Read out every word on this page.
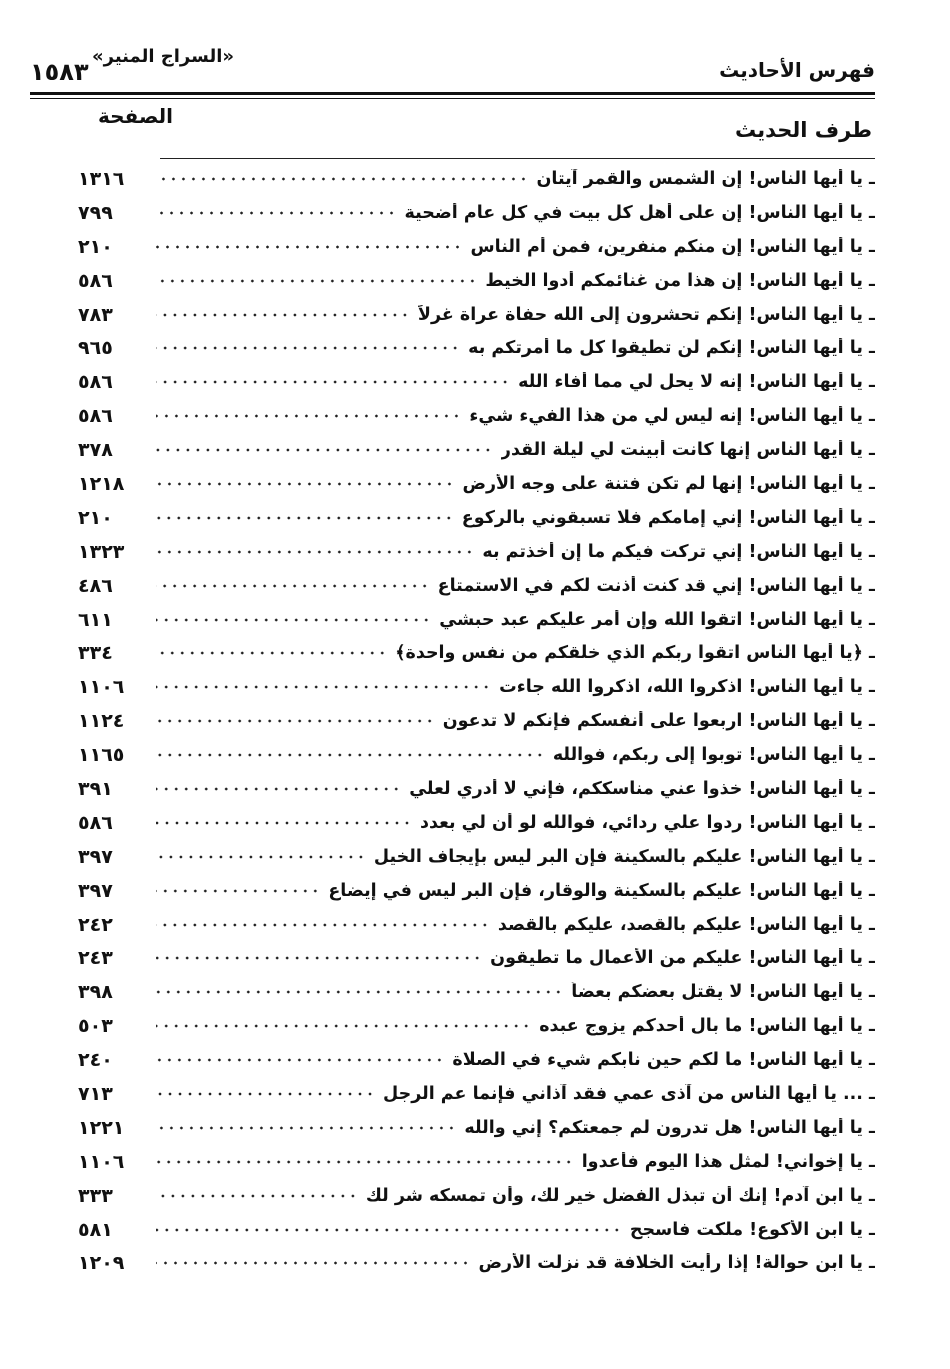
فهرس الأحاديث
«السراج المنير»
١٥٨٣
طرف الحديث
الصفحة
ـ يا أيها الناس! إن الشمس والقمر آيتان
١٣١٦
ـ يا أيها الناس! إن على أهل كل بيت في كل عام أضحية
٧٩٩
ـ يا أيها الناس! إن منكم منفرين، فمن أم الناس
٢١٠
ـ يا أيها الناس! إن هذا من غنائمكم أدوا الخيط
٥٨٦
ـ يا أيها الناس! إنكم تحشرون إلى الله حفاة عراة غرلاً
٧٨٣
ـ يا أيها الناس! إنكم لن تطيقوا كل ما أمرتكم به
٩٦٥
ـ يا أيها الناس! إنه لا يحل لي مما أفاء الله
٥٨٦
ـ يا أيها الناس! إنه ليس لي من هذا الفيء شيء
٥٨٦
ـ يا أيها الناس إنها كانت أبينت لي ليلة القدر
٣٧٨
ـ يا أيها الناس! إنها لم تكن فتنة على وجه الأرض
١٢١٨
ـ يا أيها الناس! إني إمامكم فلا تسبقوني بالركوع
٢١٠
ـ يا أيها الناس! إني تركت فيكم ما إن أخذتم به
١٣٢٣
ـ يا أيها الناس! إني قد كنت أذنت لكم في الاستمتاع
٤٨٦
ـ يا أيها الناس! اتقوا الله وإن أمر عليكم عبد حبشي
٦١١
ـ ﴿يا أيها الناس اتقوا ربكم الذي خلقكم من نفس واحدة﴾
٣٣٤
ـ يا أيها الناس! اذكروا الله، اذكروا الله جاءت
١١٠٦
ـ يا أيها الناس! اربعوا على أنفسكم فإنكم لا تدعون
١١٢٤
ـ يا أيها الناس! توبوا إلى ربكم، فوالله
١١٦٥
ـ يا أيها الناس! خذوا عني مناسككم، فإني لا أدري لعلي
٣٩١
ـ يا أيها الناس! ردوا علي ردائي، فوالله لو أن لي بعدد
٥٨٦
ـ يا أيها الناس! عليكم بالسكينة فإن البر ليس بإيجاف الخيل
٣٩٧
ـ يا أيها الناس! عليكم بالسكينة والوقار، فإن البر ليس في إيضاع
٣٩٧
ـ يا أيها الناس! عليكم بالقصد، عليكم بالقصد
٢٤٢
ـ يا أيها الناس! عليكم من الأعمال ما تطيقون
٢٤٣
ـ يا أيها الناس! لا يقتل بعضكم بعضاً
٣٩٨
ـ يا أيها الناس! ما بال أحدكم يزوج عبده
٥٠٣
ـ يا أيها الناس! ما لكم حين نابكم شيء في الصلاة
٢٤٠
ـ ... يا أيها الناس من آذى عمي فقد آذاني فإنما عم الرجل
٧١٣
ـ يا أيها الناس! هل تدرون لم جمعتكم؟ إني والله
١٢٢١
ـ يا إخواني! لمثل هذا اليوم فأعدوا
١١٠٦
ـ يا ابن آدم! إنك أن تبذل الفضل خير لك، وأن تمسكه شر لك
٣٣٣
ـ يا ابن الأكوع! ملكت فاسجح
٥٨١
ـ يا ابن حوالة! إذا رأيت الخلافة قد نزلت الأرض
١٢٠٩
